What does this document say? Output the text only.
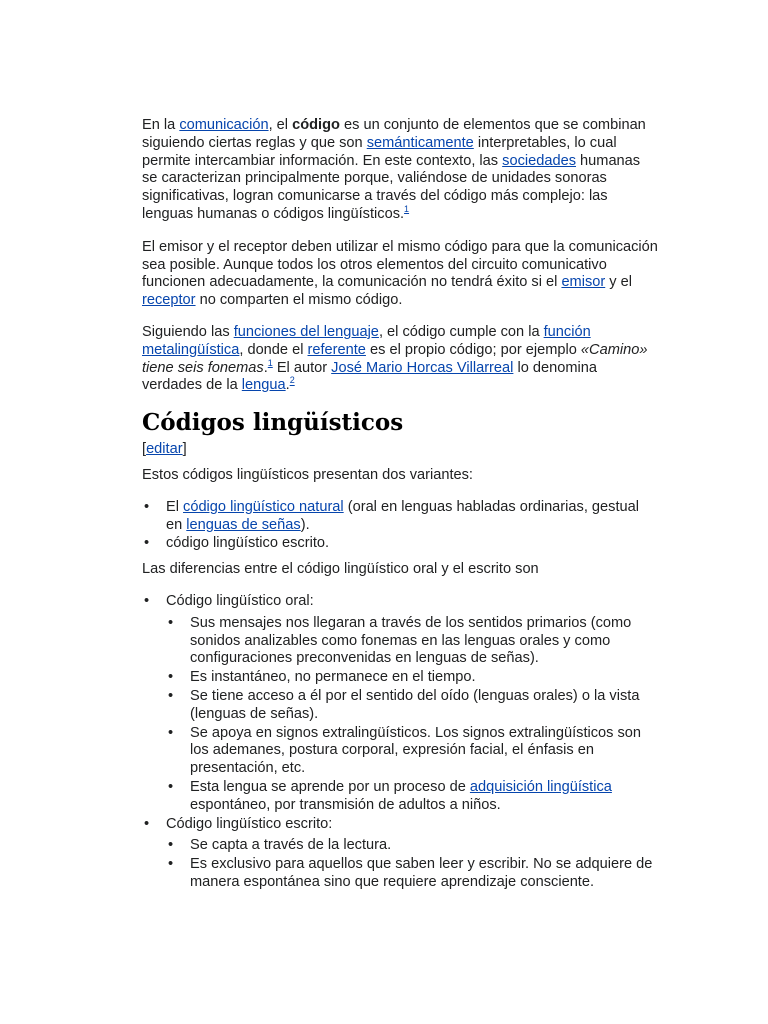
En la comunicación, el código es un conjunto de elementos que se combinan siguiendo ciertas reglas y que son semánticamente interpretables, lo cual permite intercambiar información. En este contexto, las sociedades humanas se caracterizan principalmente porque, valiéndose de unidades sonoras significativas, logran comunicarse a través del código más complejo: las lenguas humanas o códigos lingüísticos.$^1$

El emisor y el receptor deben utilizar el mismo código para que la comunicación sea posible. Aunque todos los otros elementos del circuito comunicativo funcionen adecuadamente, la comunicación no tendrá éxito si el emisor y el receptor no comparten el mismo código.

Siguiendo las funciones del lenguaje, el código cumple con la función metalingüística, donde el referente es el propio código; por ejemplo «Camino» tiene seis fonemas.$^1$ El autor José Mario Horcas Villarreal lo denomina verdades de la lengua.$^2$

Códigos lingüísticos
[editar]

Estos códigos lingüísticos presentan dos variantes:

• El código lingüístico natural (oral en lenguas habladas ordinarias, gestual en lenguas de señas).
• código lingüístico escrito.

Las diferencias entre el código lingüístico oral y el escrito son

• Código lingüístico oral:
• Sus mensajes nos llegaran a través de los sentidos primarios (como sonidos analizables como fonemas en las lenguas orales y como configuraciones preconvenidas en lenguas de señas).
• Es instantáneo, no permanece en el tiempo.
• Se tiene acceso a él por el sentido del oído (lenguas orales) o la vista (lenguas de señas).
• Se apoya en signos extralingüísticos. Los signos extralingüísticos son los ademanes, postura corporal, expresión facial, el énfasis en presentación, etc.
• Esta lengua se aprende por un proceso de adquisición lingüística espontáneo, por transmisión de adultos a niños.
• Código lingüístico escrito:
• Se capta a través de la lectura.
• Es exclusivo para aquellos que saben leer y escribir. No se adquiere de manera espontánea sino que requiere aprendizaje consciente.
